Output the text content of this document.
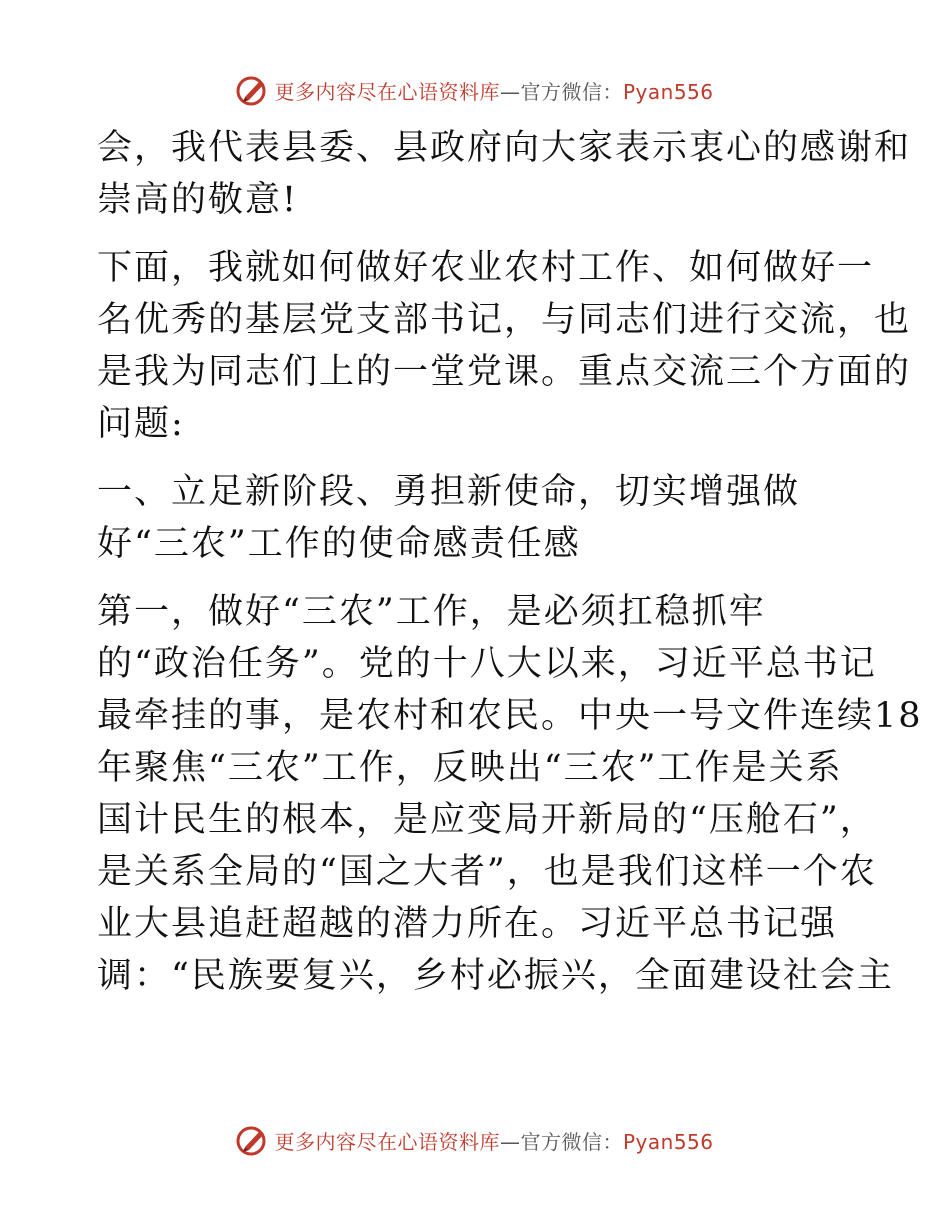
更多内容尽在心语资料库—官方微信：Pyan556
会，我代表县委、县政府向大家表示衷心的感谢和
崇高的敬意!
下面，我就如何做好农业农村工作、如何做好一
名优秀的基层党支部书记，与同志们进行交流，也
是我为同志们上的一堂党课。重点交流三个方面的
问题:
一、立足新阶段、勇担新使命，切实增强做
好“三农”工作的使命感责任感
第一，做好“三农”工作，是必须扛稳抓牢
的“政治任务”。党的十八大以来，习近平总书记
最牵挂的事，是农村和农民。中央一号文件连续18
年聚焦“三农”工作，反映出“三农”工作是关系
国计民生的根本，是应变局开新局的“压舱石”，
是关系全局的“国之大者”，也是我们这样一个农
业大县追赶超越的潜力所在。习近平总书记强
调：“民族要复兴，乡村必振兴，全面建设社会主
更多内容尽在心语资料库—官方微信：Pyan556
